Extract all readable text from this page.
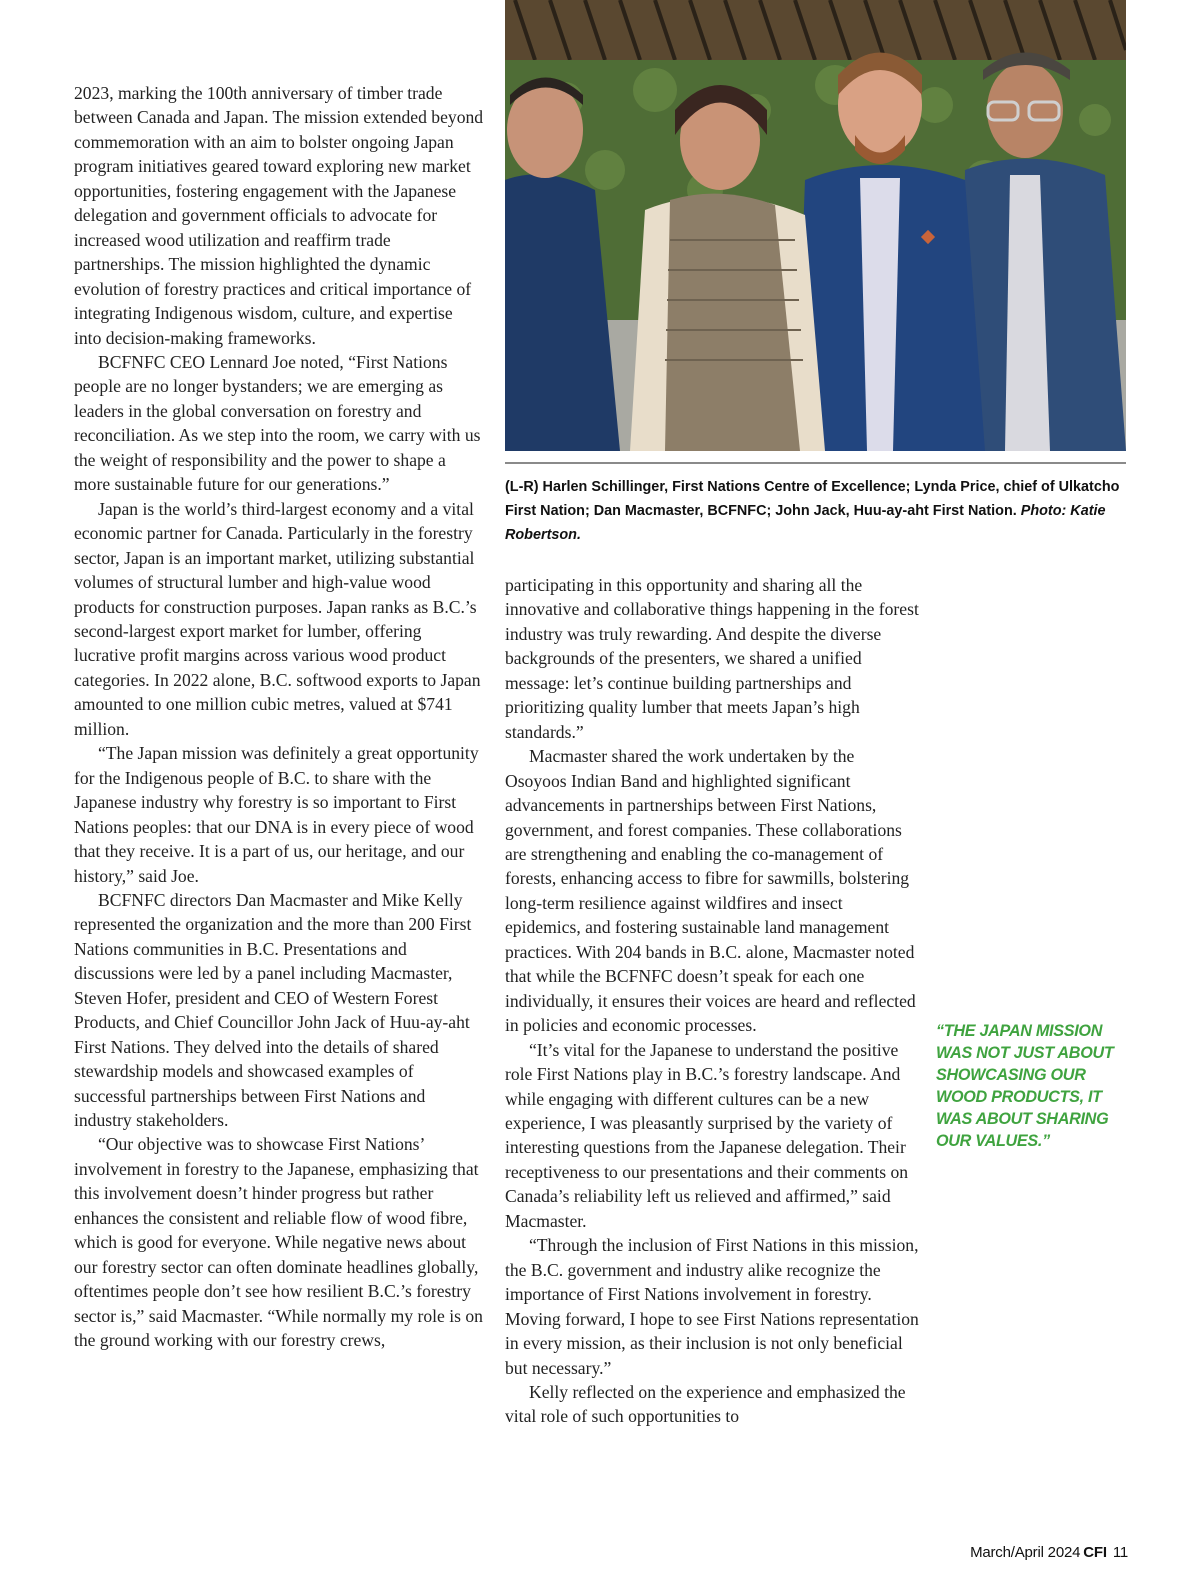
(L-R) Harlen Schillinger, First Nations Centre of Excellence; Lynda Price, chief of Ulkatcho First Nation; Dan Macmaster, BCFNFC; John Jack, Huu-ay-aht First Nation. Photo: Katie Robertson.

2023, marking the 100th anniversary of timber trade between Canada and Japan. The mission extended beyond commemoration with an aim to bolster ongoing Japan program initiatives geared toward exploring new market opportunities, fostering engagement with the Japanese delegation and government officials to advocate for increased wood utilization and reaffirm trade partnerships. The mission highlighted the dynamic evolution of forestry practices and critical importance of integrating Indigenous wisdom, culture, and expertise into decision-making frameworks.

BCFNFC CEO Lennard Joe noted, “First Nations people are no longer bystanders; we are emerging as leaders in the global conversation on forestry and reconciliation. As we step into the room, we carry with us the weight of responsibility and the power to shape a more sustainable future for our generations.”

Japan is the world’s third-largest economy and a vital economic partner for Canada. Particularly in the forestry sector, Japan is an important market, utilizing substantial volumes of structural lumber and high-value wood products for construction purposes. Japan ranks as B.C.’s second-largest export market for lumber, offering lucrative profit margins across various wood product categories. In 2022 alone, B.C. softwood exports to Japan amounted to one million cubic metres, valued at $741 million.

“The Japan mission was definitely a great opportunity for the Indigenous people of B.C. to share with the Japanese industry why forestry is so important to First Nations peoples: that our DNA is in every piece of wood that they receive. It is a part of us, our heritage, and our history,” said Joe.

BCFNFC directors Dan Macmaster and Mike Kelly represented the organization and the more than 200 First Nations communities in B.C. Presentations and discussions were led by a panel including Macmaster, Steven Hofer, president and CEO of Western Forest Products, and Chief Councillor John Jack of Huu-ay-aht First Nations. They delved into the details of shared stewardship models and showcased examples of successful partnerships between First Nations and industry stakeholders.

“Our objective was to showcase First Nations’ involvement in forestry to the Japanese, emphasizing that this involvement doesn’t hinder progress but rather enhances the consistent and reliable flow of wood fibre, which is good for everyone. While negative news about our forestry sector can often dominate headlines globally, oftentimes people don’t see how resilient B.C.’s forestry sector is,” said Macmaster. “While normally my role is on the ground working with our forestry crews,

participating in this opportunity and sharing all the innovative and collaborative things happening in the forest industry was truly rewarding. And despite the diverse backgrounds of the presenters, we shared a unified message: let’s continue building partnerships and prioritizing quality lumber that meets Japan’s high standards.”

Macmaster shared the work undertaken by the Osoyoos Indian Band and highlighted significant advancements in partnerships between First Nations, government, and forest companies. These collaborations are strengthening and enabling the co-management of forests, enhancing access to fibre for sawmills, bolstering long-term resilience against wildfires and insect epidemics, and fostering sustainable land management practices. With 204 bands in B.C. alone, Macmaster noted that while the BCFNFC doesn’t speak for each one individually, it ensures their voices are heard and reflected in policies and economic processes.

“It’s vital for the Japanese to understand the positive role First Nations play in B.C.’s forestry landscape. And while engaging with different cultures can be a new experience, I was pleasantly surprised by the variety of interesting questions from the Japanese delegation. Their receptiveness to our presentations and their comments on Canada’s reliability left us relieved and affirmed,” said Macmaster.

“Through the inclusion of First Nations in this mission, the B.C. government and industry alike recognize the importance of First Nations involvement in forestry. Moving forward, I hope to see First Nations representation in every mission, as their inclusion is not only beneficial but necessary.”

Kelly reflected on the experience and emphasized the vital role of such opportunities to

“THE JAPAN MISSION WAS NOT JUST ABOUT SHOWCASING OUR WOOD PRODUCTS, IT WAS ABOUT SHARING OUR VALUES.”
March/April 2024 CFI 11
